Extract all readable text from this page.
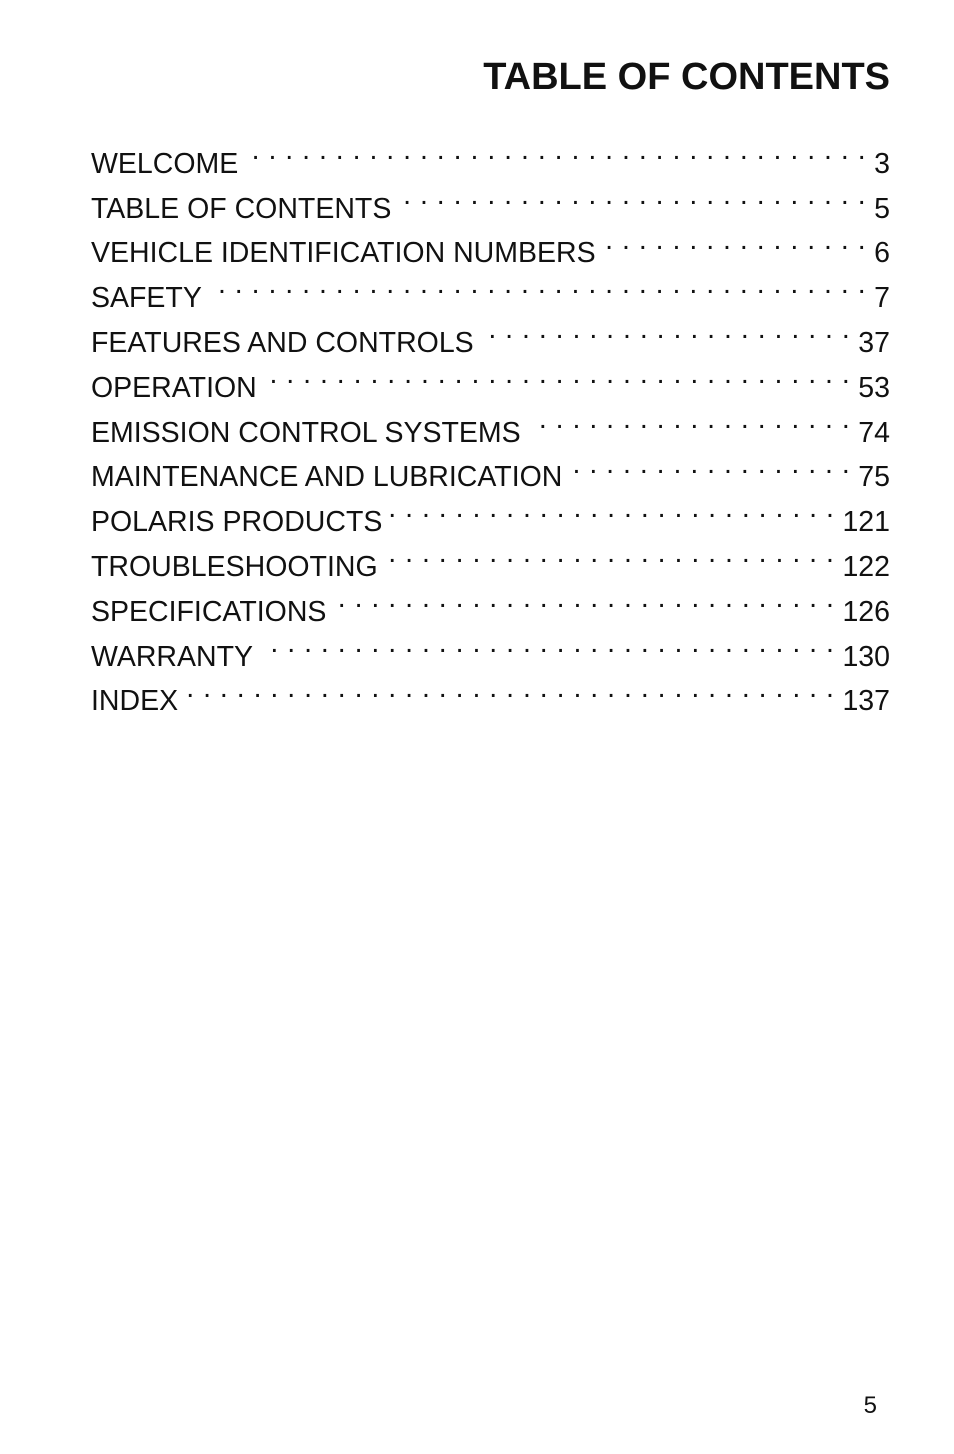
TABLE OF CONTENTS
WELCOME . . .	3
TABLE OF CONTENTS . . .	5
VEHICLE IDENTIFICATION NUMBERS . . .	6
SAFETY . . .	7
FEATURES AND CONTROLS . . .	37
OPERATION . . .	53
EMISSION CONTROL SYSTEMS . . .	74
MAINTENANCE AND LUBRICATION . . .	75
POLARIS PRODUCTS . . .	121
TROUBLESHOOTING . . .	122
SPECIFICATIONS . . .	126
WARRANTY . . .	130
INDEX . . .	137
5
